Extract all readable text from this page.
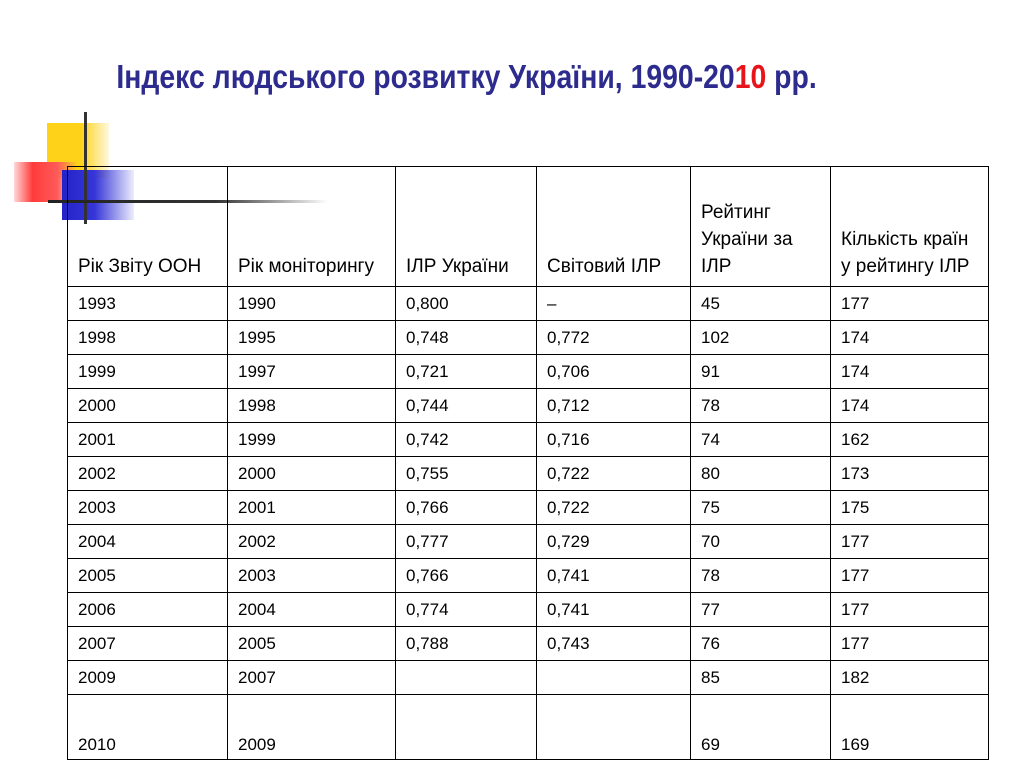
Індекс людського розвитку України, 1990-2010 рр.
Рік Звіту ООН	Рік моніторингу	ІЛР України	Світовий ІЛР	Рейтинг України за ІЛР	Кількість країн у рейтингу ІЛР
1993	1990	0,800	–	45	177
1998	1995	0,748	0,772	102	174
1999	1997	0,721	0,706	91	174
2000	1998	0,744	0,712	78	174
2001	1999	0,742	0,716	74	162
2002	2000	0,755	0,722	80	173
2003	2001	0,766	0,722	75	175
2004	2002	0,777	0,729	70	177
2005	2003	0,766	0,741	78	177
2006	2004	0,774	0,741	77	177
2007	2005	0,788	0,743	76	177
2009	2007			85	182
2010	2009			69	169
